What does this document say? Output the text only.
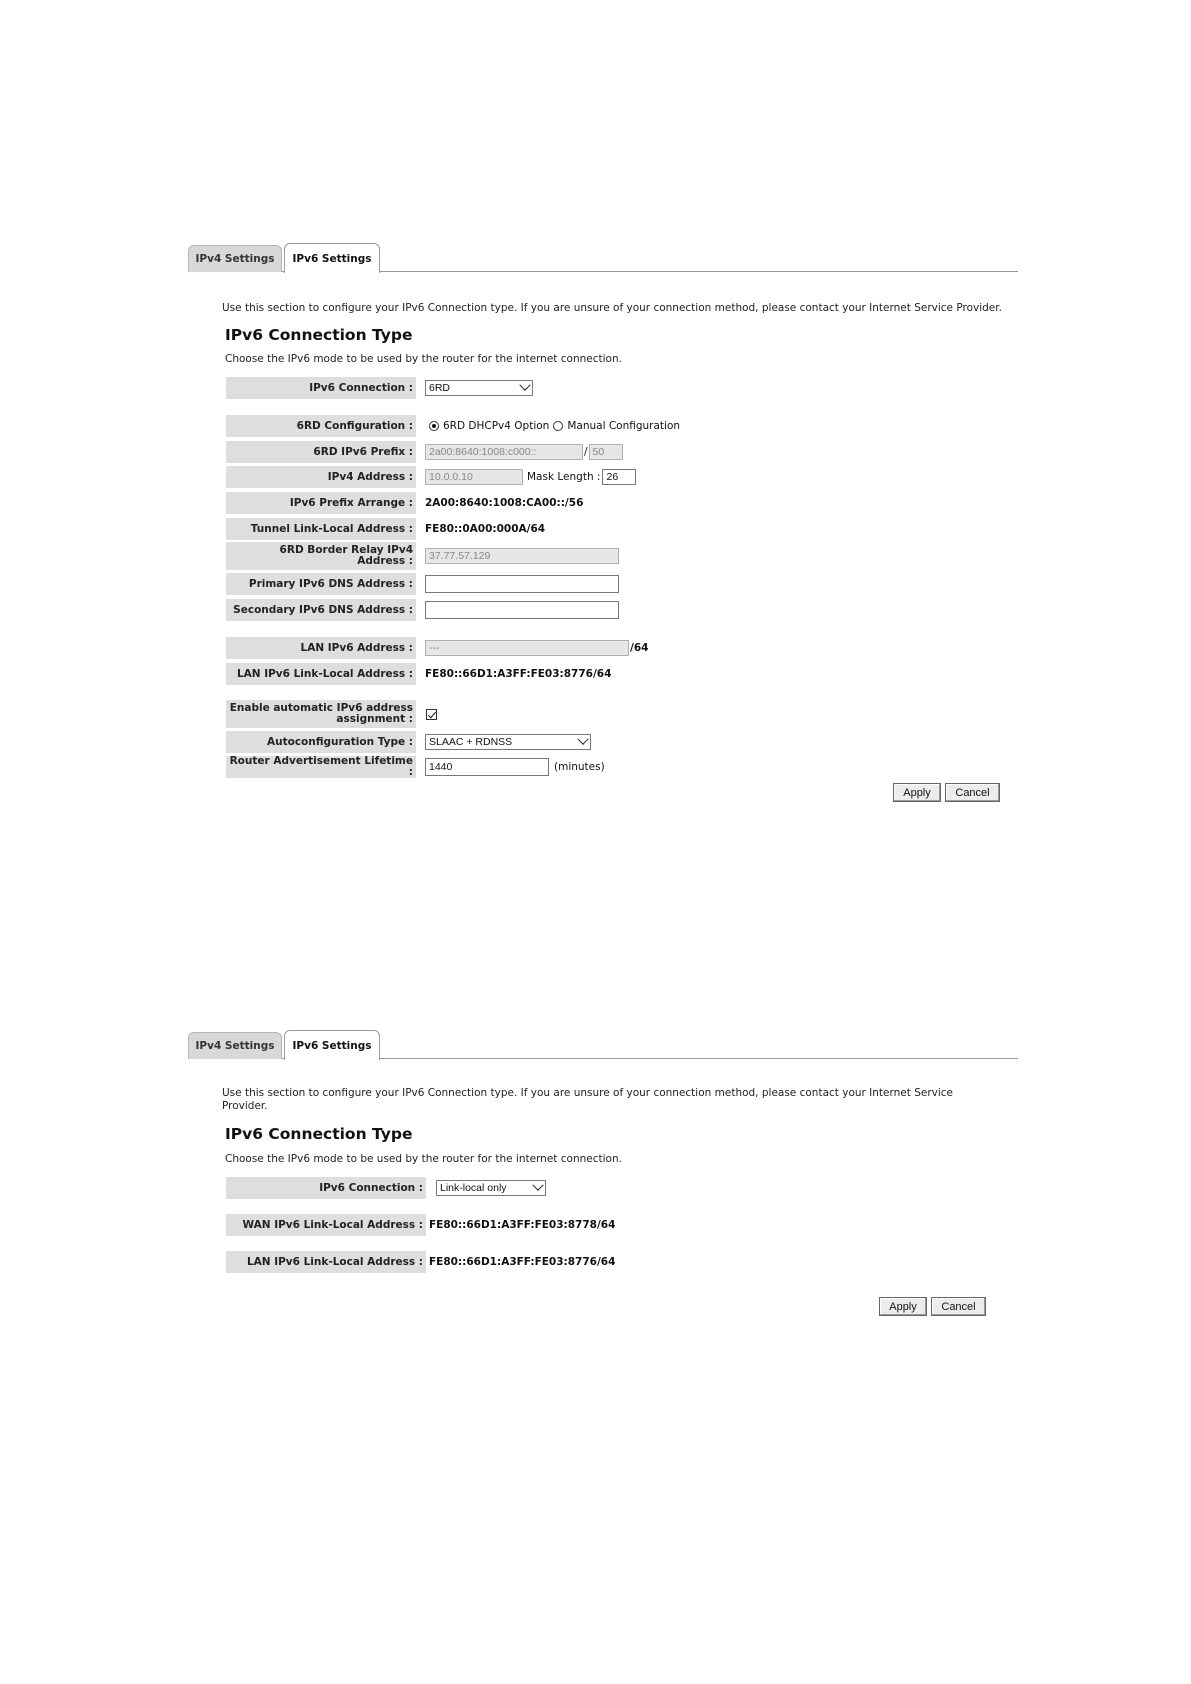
IPv4 Settings	IPv6 Settings
Use this section to configure your IPv6 Connection type. If you are unsure of your connection method, please contact your Internet Service Provider.
IPv6 Connection Type
Choose the IPv6 mode to be used by the router for the internet connection.
IPv6 Connection : 6RD
6RD Configuration :	6RD DHCPv4 Option Manual Configuration
6RD IPv6 Prefix :	2a00:8640:1008:c000::	/ 50
IPv4 Address :	10.0.0.10	Mask Length : 26
IPv6 Prefix Arrange : 2A00:8640:1008:CA00::/56
Tunnel Link-Local Address : FE80::0A00:000A/64
6RD Border Relay IPv4
Address :	37.77.57.129
Primary IPv6 DNS Address :
Secondary IPv6 DNS Address :
LAN IPv6 Address :	---	/64
LAN IPv6 Link-Local Address : FE80::66D1:A3FF:FE03:8776/64
Enable automatic IPv6 address
assignment :
Autoconfiguration Type : SLAAC + RDNSS
Router Advertisement Lifetime :	1440	(minutes)
Apply	Cancel
IPv4 Settings	IPv6 Settings
Use this section to configure your IPv6 Connection type. If you are unsure of your connection method, please contact your Internet Service
Provider.
IPv6 Connection Type
Choose the IPv6 mode to be used by the router for the internet connection.
IPv6 Connection : Link-local only
WAN IPv6 Link-Local Address : FE80::66D1:A3FF:FE03:8778/64
LAN IPv6 Link-Local Address : FE80::66D1:A3FF:FE03:8776/64
Apply	Cancel
